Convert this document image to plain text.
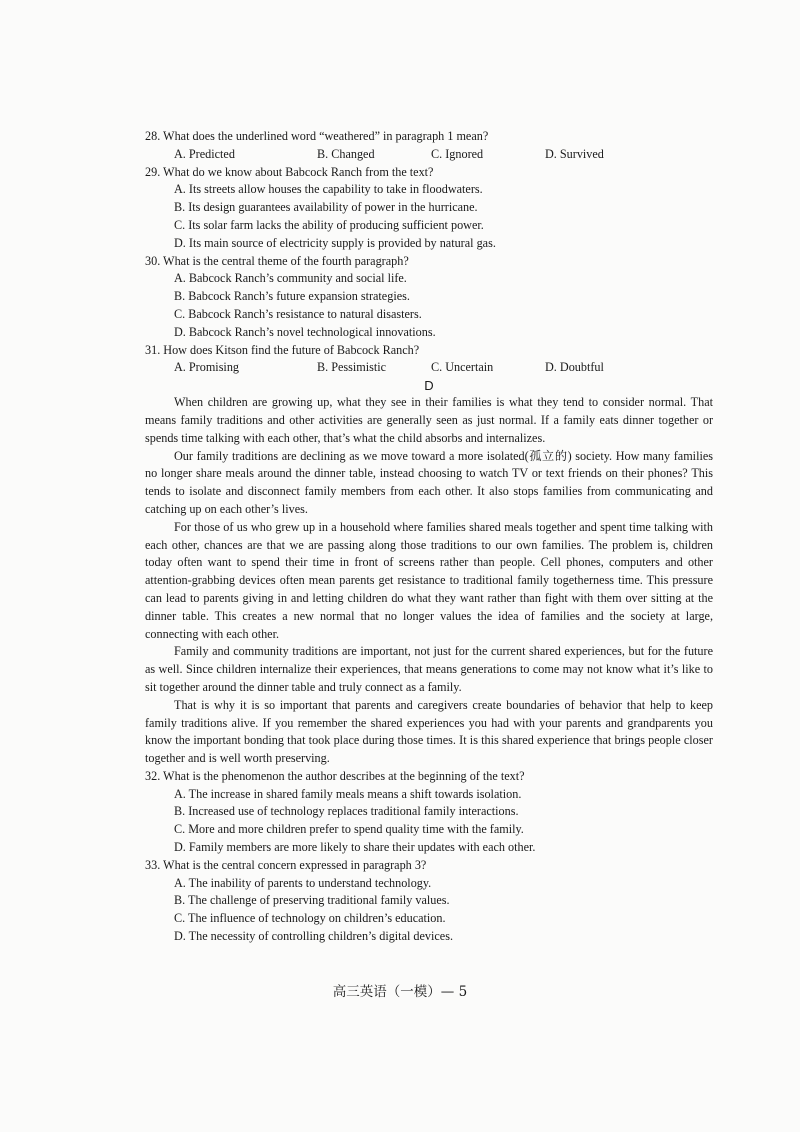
28. What does the underlined word “weathered” in paragraph 1 mean?

A. Predicted	B. Changed	C. Ignored	D. Survived

29. What do we know about Babcock Ranch from the text?

A. Its streets allow houses the capability to take in floodwaters.

B. Its design guarantees availability of power in the hurricane.

C. Its solar farm lacks the ability of producing sufficient power.

D. Its main source of electricity supply is provided by natural gas.

30. What is the central theme of the fourth paragraph?

A. Babcock Ranch’s community and social life.

B. Babcock Ranch’s future expansion strategies.

C. Babcock Ranch’s resistance to natural disasters.

D. Babcock Ranch’s novel technological innovations.

31. How does Kitson find the future of Babcock Ranch?

A. Promising	B. Pessimistic	C. Uncertain	D. Doubtful

D

When children are growing up, what they see in their families is what they tend to consider normal. That means family traditions and other activities are generally seen as just normal. If a family eats dinner together or spends time talking with each other, that’s what the child absorbs and internalizes.

Our family traditions are declining as we move toward a more isolated(孤立的) society. How many families no longer share meals around the dinner table, instead choosing to watch TV or text friends on their phones? This tends to isolate and disconnect family members from each other. It also stops families from communicating and catching up on each other’s lives.

For those of us who grew up in a household where families shared meals together and spent time talking with each other, chances are that we are passing along those traditions to our own families. The problem is, children today often want to spend their time in front of screens rather than people. Cell phones, computers and other attention-grabbing devices often mean parents get resistance to traditional family togetherness time. This pressure can lead to parents giving in and letting children do what they want rather than fight with them over sitting at the dinner table. This creates a new normal that no longer values the idea of families and the society at large, connecting with each other.

Family and community traditions are important, not just for the current shared experiences, but for the future as well. Since children internalize their experiences, that means generations to come may not know what it’s like to sit together around the dinner table and truly connect as a family.

That is why it is so important that parents and caregivers create boundaries of behavior that help to keep family traditions alive. If you remember the shared experiences you had with your parents and grandparents you know the important bonding that took place during those times. It is this shared experience that brings people closer together and is well worth preserving.

32. What is the phenomenon the author describes at the beginning of the text?

A. The increase in shared family meals means a shift towards isolation.

B. Increased use of technology replaces traditional family interactions.

C. More and more children prefer to spend quality time with the family.

D. Family members are more likely to share their updates with each other.

33. What is the central concern expressed in paragraph 3?

A. The inability of parents to understand technology.

B. The challenge of preserving traditional family values.

C. The influence of technology on children’s education.

D. The necessity of controlling children’s digital devices.

高三英语（一模）— 5
